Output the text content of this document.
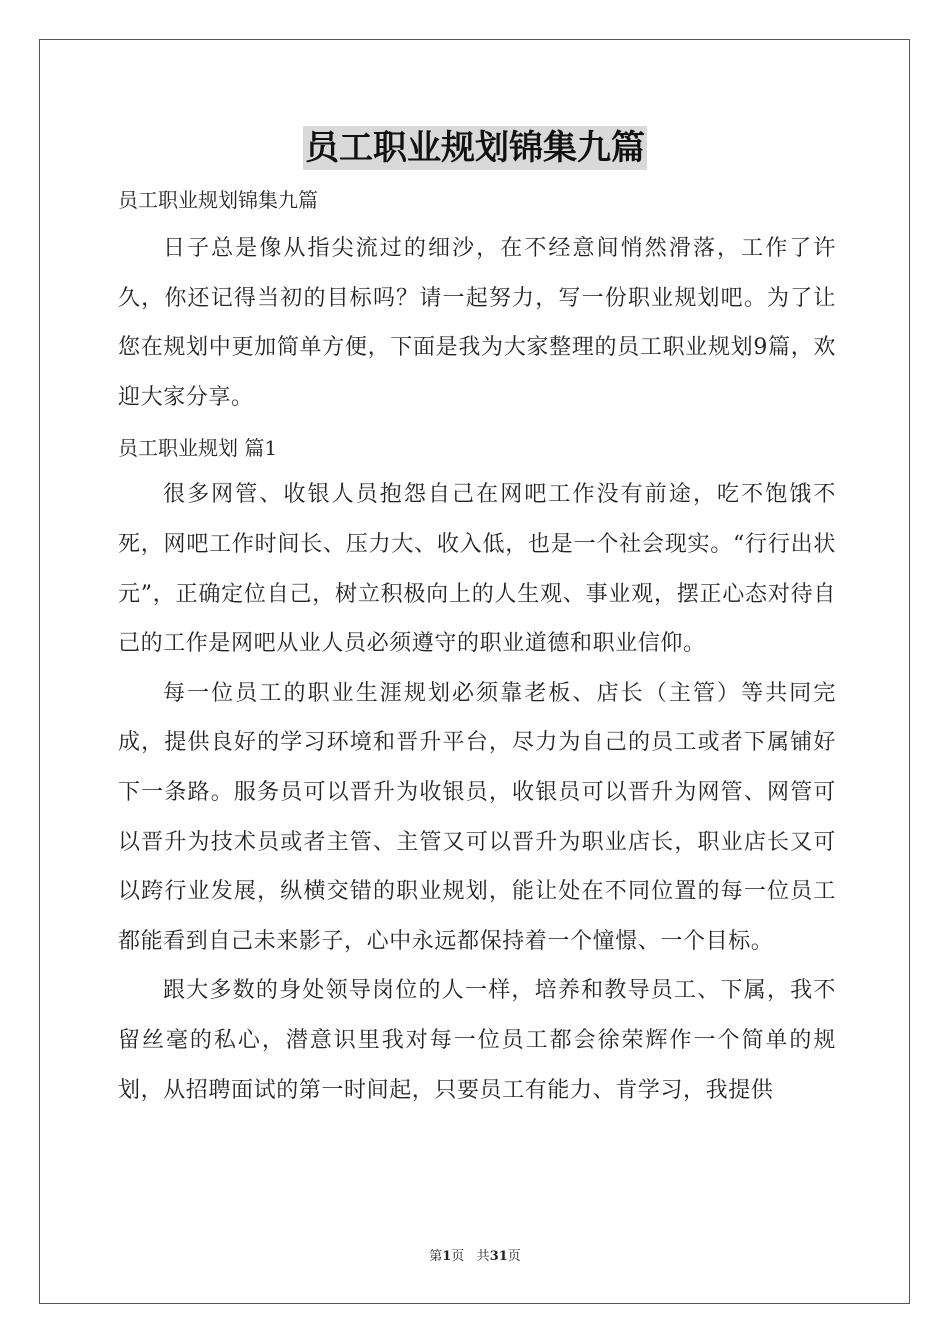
员工职业规划锦集九篇

员工职业规划锦集九篇

日子总是像从指尖流过的细沙，在不经意间悄然滑落，工作了许久，你还记得当初的目标吗？请一起努力，写一份职业规划吧。为了让您在规划中更加简单方便，下面是我为大家整理的员工职业规划9篇，欢迎大家分享。

员工职业规划 篇1

很多网管、收银人员抱怨自己在网吧工作没有前途，吃不饱饿不死，网吧工作时间长、压力大、收入低，也是一个社会现实。“行行出状元”，正确定位自己，树立积极向上的人生观、事业观，摆正心态对待自己的工作是网吧从业人员必须遵守的职业道德和职业信仰。

每一位员工的职业生涯规划必须靠老板、店长（主管）等共同完成，提供良好的学习环境和晋升平台，尽力为自己的员工或者下属铺好下一条路。服务员可以晋升为收银员，收银员可以晋升为网管、网管可以晋升为技术员或者主管、主管又可以晋升为职业店长，职业店长又可以跨行业发展，纵横交错的职业规划，能让处在不同位置的每一位员工都能看到自己未来影子，心中永远都保持着一个憧憬、一个目标。

跟大多数的身处领导岗位的人一样，培养和教导员工、下属，我不留丝毫的私心，潜意识里我对每一位员工都会徐荣辉作一个简单的规划，从招聘面试的第一时间起，只要员工有能力、肯学习，我提供

第1页 共31页
